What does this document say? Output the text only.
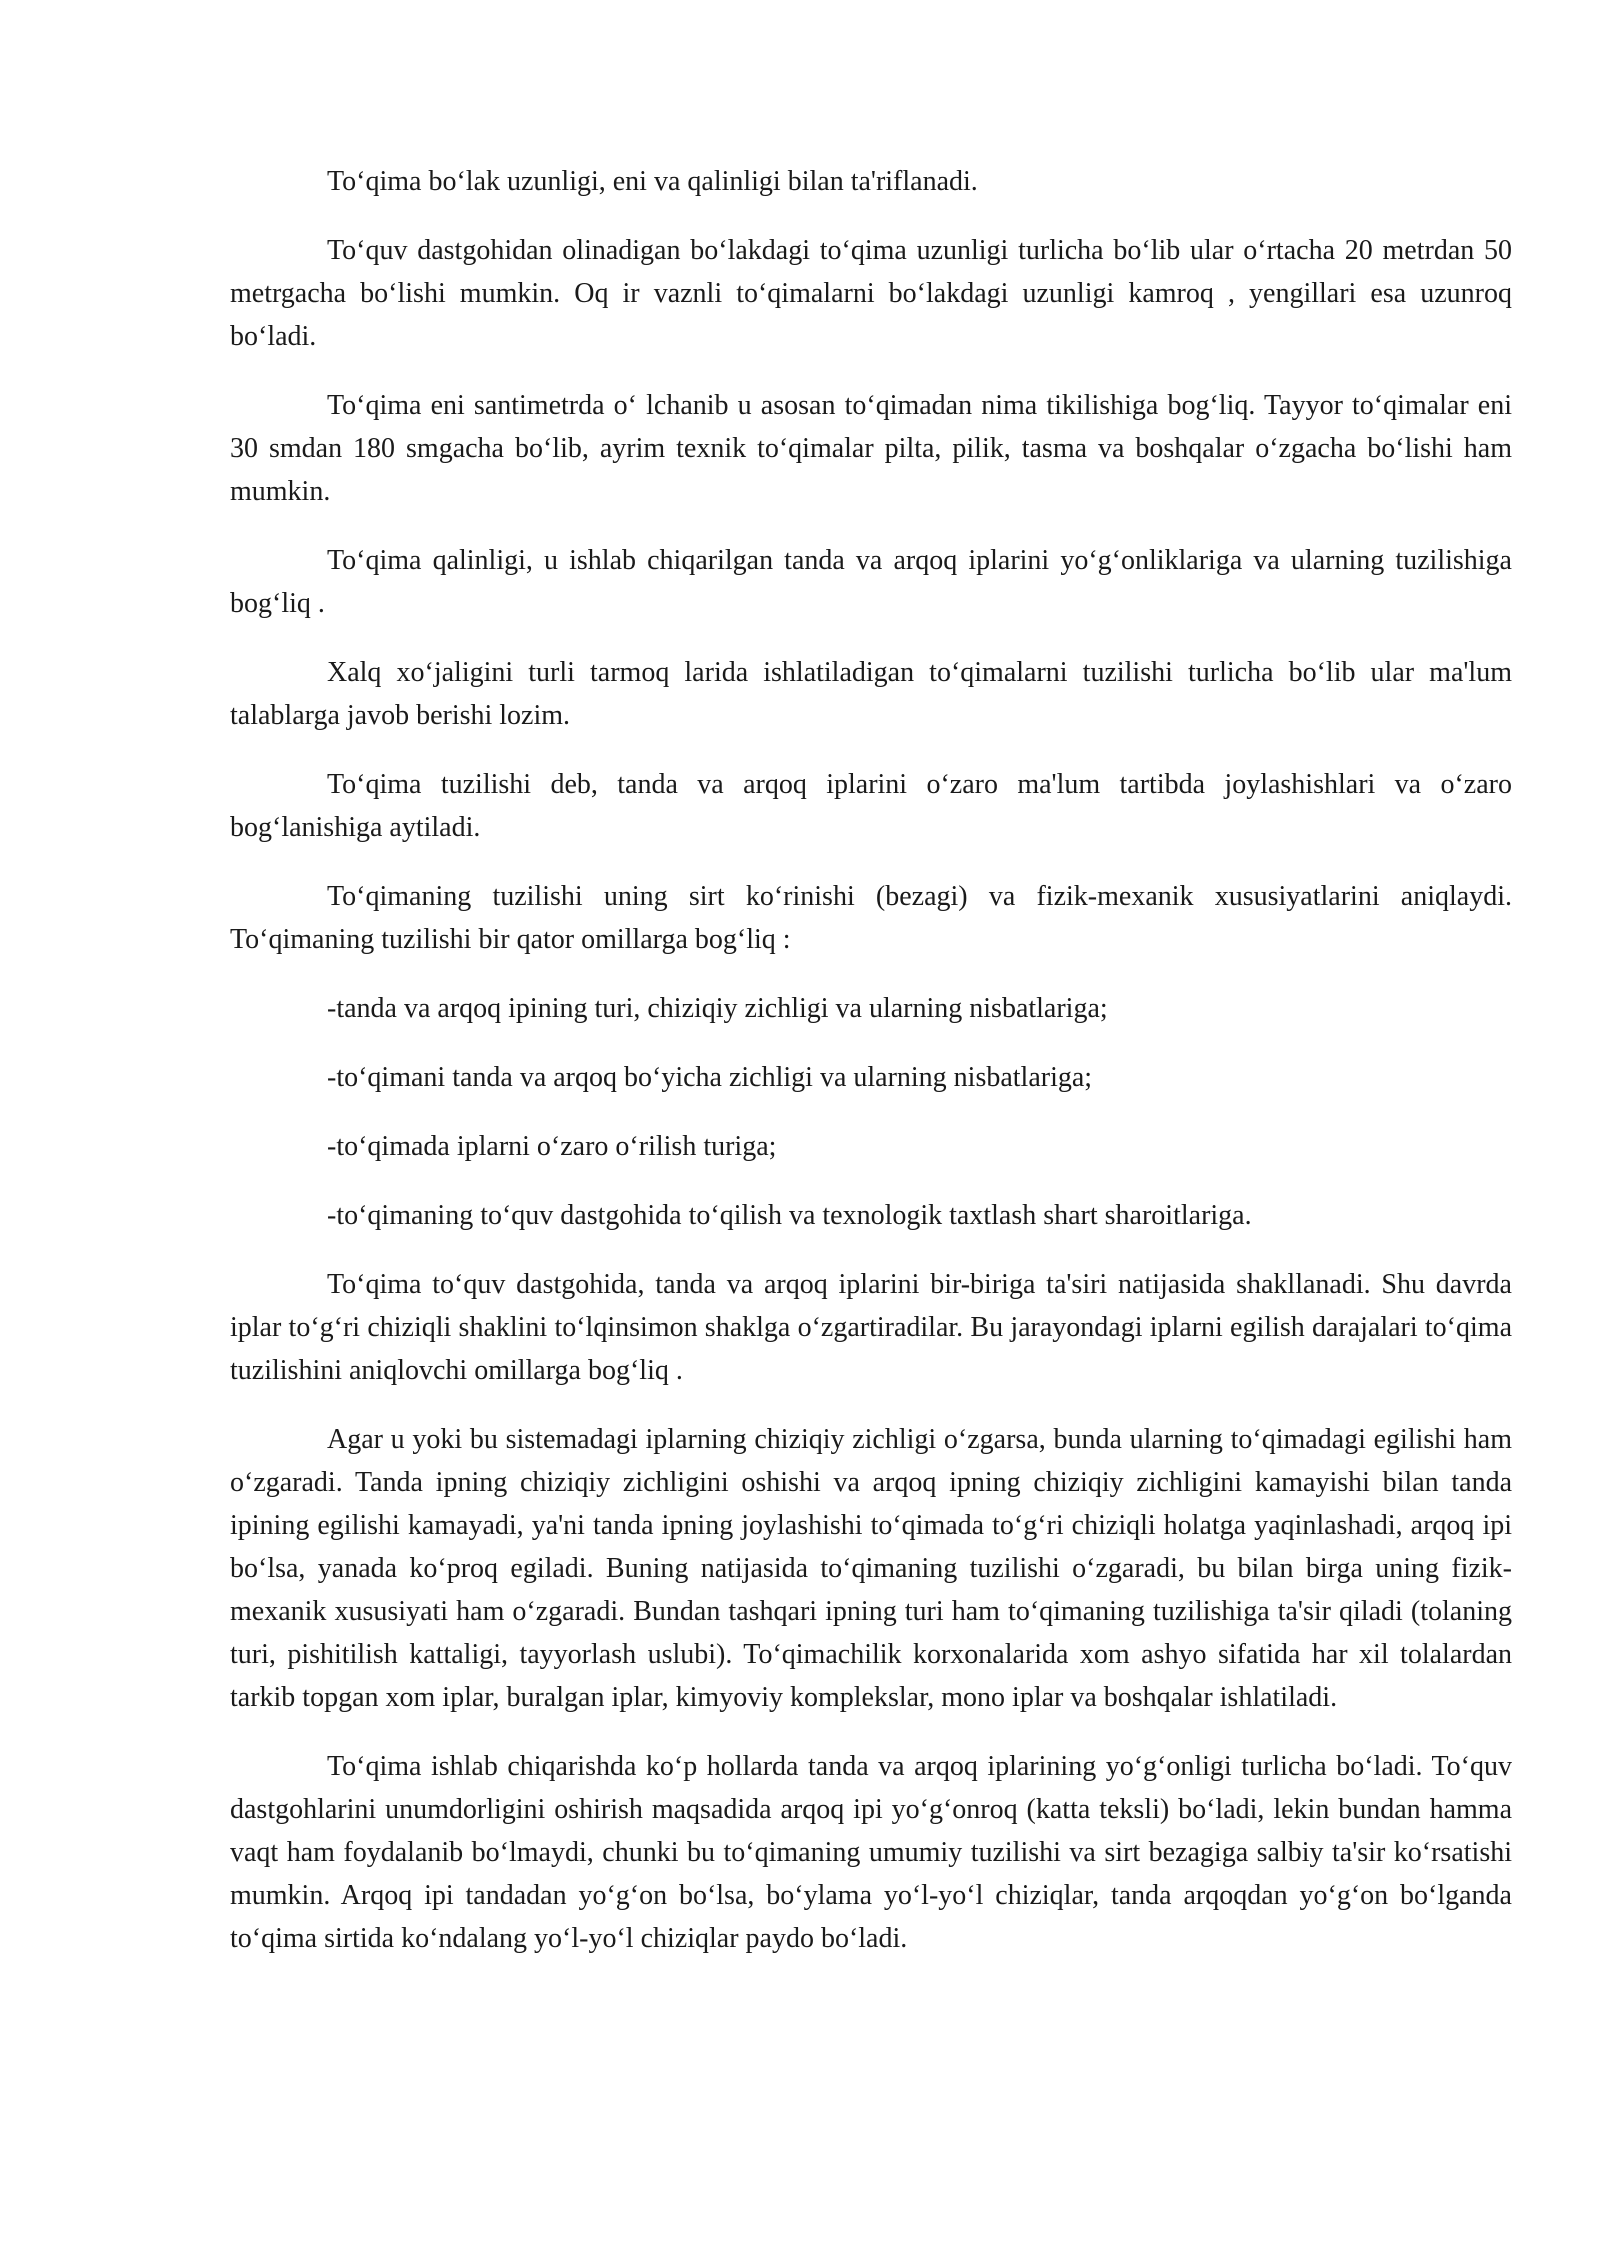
To‘qima bo‘lak uzunligi, eni va qalinligi bilan ta'riflanadi.

To‘quv dastgohidan olinadigan bo‘lakdagi to‘qima uzunligi turlicha bo‘lib ular o‘rtacha 20 metrdan 50 metrgacha bo‘lishi mumkin. Oq ir vaznli to‘qimalarni bo‘lakdagi uzunligi kamroq , yengillari esa uzunroq bo‘ladi.

To‘qima eni santimetrda o‘ lchanib u asosan to‘qimadan nima tikilishiga bog‘liq. Tayyor to‘qimalar eni 30 smdan 180 smgacha bo‘lib, ayrim texnik to‘qimalar pilta, pilik, tasma va boshqalar o‘zgacha bo‘lishi ham mumkin.

To‘qima qalinligi, u ishlab chiqarilgan tanda va arqoq iplarini yo‘g‘onliklariga va ularning tuzilishiga bog‘liq .

Xalq xo‘jaligini turli tarmoq larida ishlatiladigan to‘qimalarni tuzilishi turlicha bo‘lib ular ma'lum talablarga javob berishi lozim.

To‘qima tuzilishi deb, tanda va arqoq iplarini o‘zaro ma'lum tartibda joylashishlari va o‘zaro bog‘lanishiga aytiladi.

To‘qimaning tuzilishi uning sirt ko‘rinishi (bezagi) va fizik-mexanik xususiyatlarini aniqlaydi. To‘qimaning tuzilishi bir qator omillarga bog‘liq :

-tanda va arqoq ipining turi, chiziqiy zichligi va ularning nisbatlariga;

-to‘qimani tanda va arqoq bo‘yicha zichligi va ularning nisbatlariga;

-to‘qimada iplarni o‘zaro o‘rilish turiga;

-to‘qimaning to‘quv dastgohida to‘qilish va texnologik taxtlash shart sharoitlariga.

To‘qima to‘quv dastgohida, tanda va arqoq iplarini bir-biriga ta'siri natijasida shakllanadi. Shu davrda iplar to‘g‘ri chiziqli shaklini to‘lqinsimon shaklga o‘zgartiradilar. Bu jarayondagi iplarni egilish darajalari to‘qima tuzilishini aniqlovchi omillarga bog‘liq .

Agar u yoki bu sistemadagi iplarning chiziqiy zichligi o‘zgarsa, bunda ularning to‘qimadagi egilishi ham o‘zgaradi. Tanda ipning chiziqiy zichligini oshishi va arqoq ipning chiziqiy zichligini kamayishi bilan tanda ipining egilishi kamayadi, ya'ni tanda ipning joylashishi to‘qimada to‘g‘ri chiziqli holatga yaqinlashadi, arqoq ipi bo‘lsa, yanada ko‘proq egiladi. Buning natijasida to‘qimaning tuzilishi o‘zgaradi, bu bilan birga uning fizik-mexanik xususiyati ham o‘zgaradi. Bundan tashqari ipning turi ham to‘qimaning tuzilishiga ta'sir qiladi (tolaning turi, pishitilish kattaligi, tayyorlash uslubi). To‘qimachilik korxonalarida xom ashyo sifatida har xil tolalardan tarkib topgan xom iplar, buralgan iplar, kimyoviy komplekslar, mono iplar va boshqalar ishlatiladi.

To‘qima ishlab chiqarishda ko‘p hollarda tanda va arqoq iplarining yo‘g‘onligi turlicha bo‘ladi. To‘quv dastgohlarini unumdorligini oshirish maqsadida arqoq ipi yo‘g‘onroq (katta teksli) bo‘ladi, lekin bundan hamma vaqt ham foydalanib bo‘lmaydi, chunki bu to‘qimaning umumiy tuzilishi va sirt bezagiga salbiy ta'sir ko‘rsatishi mumkin. Arqoq ipi tandadan yo‘g‘on bo‘lsa, bo‘ylama yo‘l-yo‘l chiziqlar, tanda arqoqdan yo‘g‘on bo‘lganda to‘qima sirtida ko‘ndalang yo‘l-yo‘l chiziqlar paydo bo‘ladi.
